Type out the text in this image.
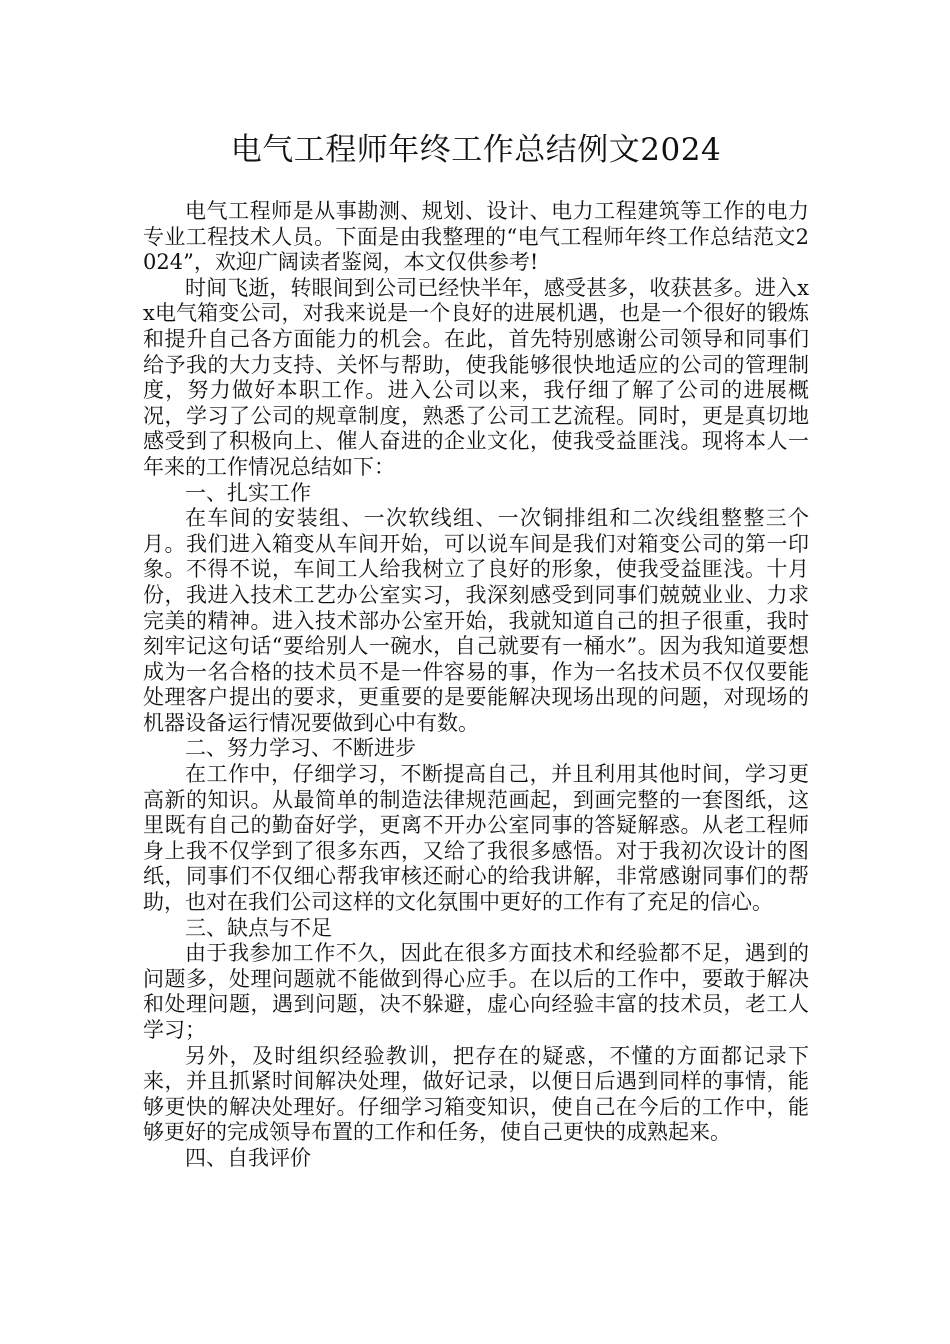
电气工程师年终工作总结例文2024

电气工程师是从事勘测、规划、设计、电力工程建筑等工作的电力专业工程技术人员。下面是由我整理的“电气工程师年终工作总结范文2024”，欢迎广阔读者鉴阅，本文仅供参考!

时间飞逝，转眼间到公司已经快半年，感受甚多，收获甚多。进入xx电气箱变公司，对我来说是一个良好的进展机遇，也是一个很好的锻炼和提升自己各方面能力的机会。在此，首先特别感谢公司领导和同事们给予我的大力支持、关怀与帮助，使我能够很快地适应的公司的管理制度，努力做好本职工作。进入公司以来，我仔细了解了公司的进展概况，学习了公司的规章制度，熟悉了公司工艺流程。同时，更是真切地感受到了积极向上、催人奋进的企业文化，使我受益匪浅。现将本人一年来的工作情况总结如下：

一、扎实工作

在车间的安装组、一次软线组、一次铜排组和二次线组整整三个月。我们进入箱变从车间开始，可以说车间是我们对箱变公司的第一印象。不得不说，车间工人给我树立了良好的形象，使我受益匪浅。十月份，我进入技术工艺办公室实习，我深刻感受到同事们兢兢业业、力求完美的精神。进入技术部办公室开始，我就知道自己的担子很重，我时刻牢记这句话“要给别人一碗水，自己就要有一桶水”。因为我知道要想成为一名合格的技术员不是一件容易的事，作为一名技术员不仅仅要能处理客户提出的要求，更重要的是要能解决现场出现的问题，对现场的机器设备运行情况要做到心中有数。

二、努力学习、不断进步

在工作中，仔细学习，不断提高自己，并且利用其他时间，学习更高新的知识。从最简单的制造法律规范画起，到画完整的一套图纸，这里既有自己的勤奋好学，更离不开办公室同事的答疑解惑。从老工程师身上我不仅学到了很多东西，又给了我很多感悟。对于我初次设计的图纸，同事们不仅细心帮我审核还耐心的给我讲解，非常感谢同事们的帮助，也对在我们公司这样的文化氛围中更好的工作有了充足的信心。

三、缺点与不足

由于我参加工作不久，因此在很多方面技术和经验都不足，遇到的问题多，处理问题就不能做到得心应手。在以后的工作中，要敢于解决和处理问题，遇到问题，决不躲避，虚心向经验丰富的技术员，老工人学习；

另外，及时组织经验教训，把存在的疑惑，不懂的方面都记录下来，并且抓紧时间解决处理，做好记录，以便日后遇到同样的事情，能够更快的解决处理好。仔细学习箱变知识，使自己在今后的工作中，能够更好的完成领导布置的工作和任务，使自己更快的成熟起来。

四、自我评价
